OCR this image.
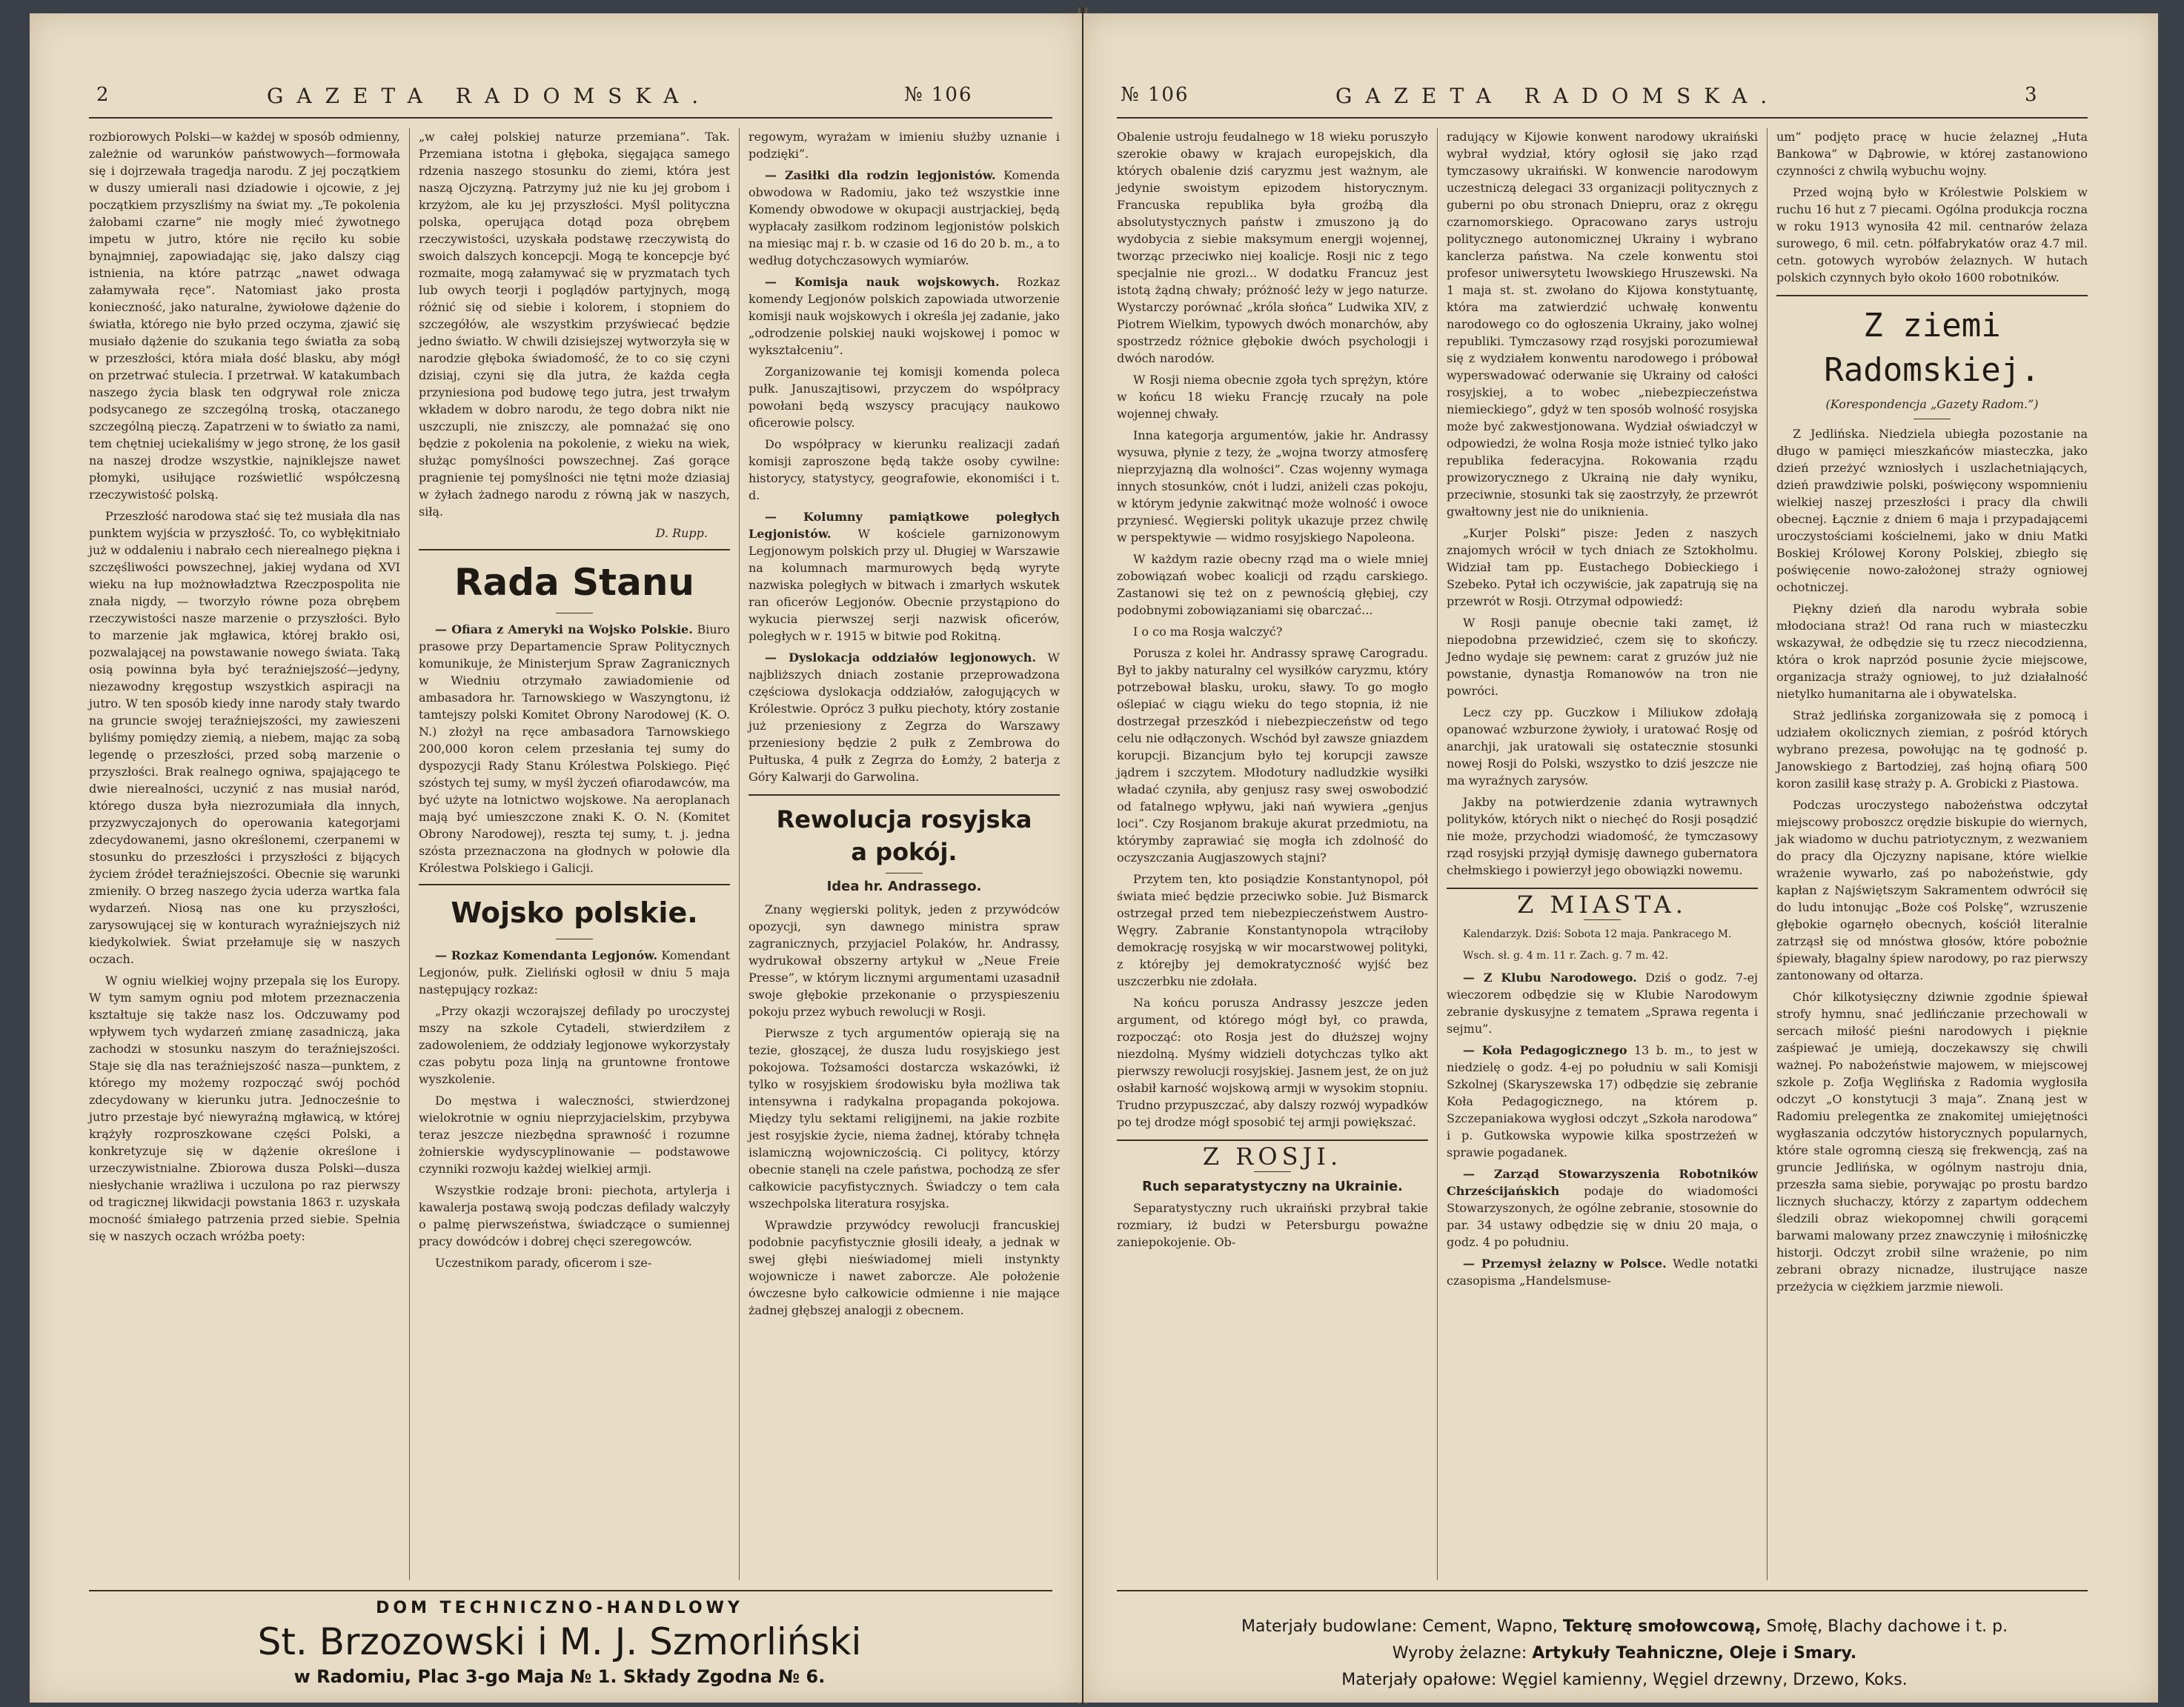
2	GAZETA RADOMSKA.	№ 106

rozbiorowych Polski—w każdej w sposób odmienny, zależnie od warunków państwowych—formowała się i dojrzewała tragedja narodu. Z jej początkiem w duszy umierali nasi dziadowie i ojcowie, z jej początkiem przyszliśmy na świat my. „Te pokolenia żałobami czarne” nie mogły mieć żywotnego impetu w jutro, które nie ręciło ku sobie bynajmniej, zapowiadając się, jako dalszy ciąg istnienia, na które patrząc „nawet odwaga załamywała ręce”. Natomiast jako prosta konieczność, jako naturalne, żywiołowe dążenie do światła, którego nie było przed oczyma, zjawić się musiało dążenie do szukania tego światła za sobą w przeszłości, która miała dość blasku, aby mógł on przetrwać stulecia. I przetrwał. W katakumbach naszego życia blask ten odgrywał role znicza podsycanego ze szczególną troską, otaczanego szczególną pieczą. Zapatrzeni w to światło za nami, tem chętniej uciekaliśmy w jego stronę, że los gasił na naszej drodze wszystkie, najniklejsze nawet płomyki, usiłujące rozświetlić współczesną rzeczywistość polską.

Przeszłość narodowa stać się też musiała dla nas punktem wyjścia w przyszłość. To, co wybłękitniało już w oddaleniu i nabrało cech nierealnego piękna i szczęśliwości powszechnej, jakiej wydana od XVI wieku na łup możnowładztwa Rzeczpospolita nie znała nigdy, — tworzyło równe poza obrębem rzeczywistości nasze marzenie o przyszłości. Było to marzenie jak mgławica, której brakło osi, pozwalającej na powstawanie nowego świata. Taką osią powinna była być teraźniejszość—jedyny, niezawodny kręgostup wszystkich aspiracji na jutro. W ten sposób kiedy inne narody stały twardo na gruncie swojej teraźniejszości, my zawieszeni byliśmy pomiędzy ziemią, a niebem, mając za sobą legendę o przeszłości, przed sobą marzenie o przyszłości. Brak realnego ogniwa, spajającego te dwie nierealności, uczynić z nas musiał naród, którego dusza była niezrozumiała dla innych, przyzwyczajonych do operowania kategorjami zdecydowanemi, jasno określonemi, czerpanemi w stosunku do przeszłości i przyszłości z bijących życiem źródeł teraźniejszości. Obecnie się warunki zmieniły. O brzeg naszego życia uderza wartka fala wydarzeń. Niosą nas one ku przyszłości, zarysowującej się w konturach wyraźniejszych niż kiedykolwiek. Świat przełamuje się w naszych oczach.

W ogniu wielkiej wojny przepala się los Europy. W tym samym ogniu pod młotem przeznaczenia kształtuje się także nasz los. Odczuwamy pod wpływem tych wydarzeń zmianę zasadniczą, jaka zachodzi w stosunku naszym do teraźniejszości. Staje się dla nas teraźniejszość nasza—punktem, z którego my możemy rozpocząć swój pochód zdecydowany w kierunku jutra. Jednocześnie to jutro przestaje być niewyraźną mgławicą, w której krążyły rozproszkowane części Polski, a konkretyzuje się w dążenie określone i urzeczywistnialne. Zbiorowa dusza Polski—dusza niesłychanie wrażliwa i uczulona po raz pierwszy od tragicznej likwidacji powstania 1863 r. uzyskała mocność śmiałego patrzenia przed siebie. Spełnia się w naszych oczach wróżba poety:

„w całej polskiej naturze przemiana”. Tak. Przemiana istotna i głęboka, sięgająca samego rdzenia naszego stosunku do ziemi, która jest naszą Ojczyzną. Patrzymy już nie ku jej grobom i krzyżom, ale ku jej przyszłości. Myśl polityczna polska, operująca dotąd poza obrębem rzeczywistości, uzyskała podstawę rzeczywistą do swoich dalszych koncepcji. Mogą te koncepcje być rozmaite, mogą załamywać się w pryzmatach tych lub owych teorji i poglądów partyjnych, mogą różnić się od siebie i kolorem, i stopniem do szczegółów, ale wszystkim przyświecać będzie jedno światło. W chwili dzisiejszej wytworzyła się w narodzie głęboka świadomość, że to co się czyni dzisiaj, czyni się dla jutra, że każda cegła przyniesiona pod budowę tego jutra, jest trwałym wkładem w dobro narodu, że tego dobra nikt nie uszczupli, nie zniszczy, ale pomnażać się ono będzie z pokolenia na pokolenie, z wieku na wiek, służąc pomyślności powszechnej. Zaś gorące pragnienie tej pomyślności nie tętni może dziasiaj w żyłach żadnego narodu z równą jak w naszych, siłą.

D. Rupp.
Rada Stanu

— Ofiara z Ameryki na Wojsko Polskie. Biuro prasowe przy Departamencie Spraw Politycznych komunikuje, że Ministerjum Spraw Zagranicznych w Wiedniu otrzymało zawiadomienie od ambasadora hr. Tarnowskiego w Waszyngtonu, iż tamtejszy polski Komitet Obrony Narodowej (K. O. N.) złożył na ręce ambasadora Tarnowskiego 200,000 koron celem przesłania tej sumy do dyspozycji Rady Stanu Królestwa Polskiego. Pięć szóstych tej sumy, w myśl życzeń ofiarodawców, ma być użyte na lotnictwo wojskowe. Na aeroplanach mają być umieszczone znaki K. O. N. (Komitet Obrony Narodowej), reszta tej sumy, t. j. jedna szósta przeznaczona na głodnych w połowie dla Królestwa Polskiego i Galicji.

Wojsko polskie.

— Rozkaz Komendanta Legjonów. Komendant Legjonów, pułk. Zieliński ogłosił w dniu 5 maja następujący rozkaz:

„Przy okazji wczorajszej defilady po uroczystej mszy na szkole Cytadeli, stwierdziłem z zadowoleniem, że oddziały legjonowe wykorzystały czas pobytu poza linją na gruntowne frontowe wyszkolenie.

Do męstwa i waleczności, stwierdzonej wielokrotnie w ogniu nieprzyjacielskim, przybywa teraz jeszcze niezbędna sprawność i rozumne żołnierskie wydyscyplinowanie — podstawowe czynniki rozwoju każdej wielkiej armji.

Wszystkie rodzaje broni: piechota, artylerja i kawalerja postawą swoją podczas defilady walczyły o palmę pierwszeństwa, świadczące o sumiennej pracy dowódców i dobrej chęci szeregowców.

Uczestnikom parady, oficerom i sze-

regowym, wyrażam w imieniu służby uznanie i podzięki”.

— Zasiłki dla rodzin legjonistów. Komenda obwodowa w Radomiu, jako też wszystkie inne Komendy obwodowe w okupacji austrjackiej, będą wypłacały zasiłkom rodzinom legjonistów polskich na miesiąc maj r. b. w czasie od 16 do 20 b. m., a to według dotychczasowych wymiarów.

— Komisja nauk wojskowych. Rozkaz komendy Legjonów polskich zapowiada utworzenie komisji nauk wojskowych i określa jej zadanie, jako „odrodzenie polskiej nauki wojskowej i pomoc w wykształceniu”.

Zorganizowanie tej komisji komenda poleca pułk. Januszajtisowi, przyczem do współpracy powołani będą wszyscy pracujący naukowo oficerowie polscy.

Do współpracy w kierunku realizacji zadań komisji zaproszone będą także osoby cywilne: historycy, statystycy, geografowie, ekonomiści i t. d.

— Kolumny pamiątkowe poległych Legjonistów. W kościele garnizonowym Legjonowym polskich przy ul. Długiej w Warszawie na kolumnach marmurowych będą wyryte nazwiska poległych w bitwach i zmarłych wskutek ran oficerów Legjonów. Obecnie przystąpiono do wykucia pierwszej serji nazwisk oficerów, poległych w r. 1915 w bitwie pod Rokitną.

— Dyslokacja oddziałów legjonowych. W najbliższych dniach zostanie przeprowadzona częściowa dyslokacja oddziałów, załogujących w Królestwie. Oprócz 3 pułku piechoty, który zostanie już przeniesiony z Zegrza do Warszawy przeniesiony będzie 2 pułk z Zembrowa do Pułtuska, 4 pułk z Zegrza do Łomży, 2 baterja z Góry Kalwarji do Garwolina.

Rewolucja rosyjska
a pokój.
Idea hr. Andrassego.

Znany węgierski polityk, jeden z przywódców opozycji, syn dawnego ministra spraw zagranicznych, przyjaciel Polaków, hr. Andrassy, wydrukował obszerny artykuł w „Neue Freie Presse”, w którym licznymi argumentami uzasadnił swoje głębokie przekonanie o przyspieszeniu pokoju przez wybuch rewolucji w Rosji.

Pierwsze z tych argumentów opierają się na tezie, głoszącej, że dusza ludu rosyjskiego jest pokojowa. Tożsamości dostarcza wskazówki, iż tylko w rosyjskiem środowisku była możliwa tak intensywna i radykalna propaganda pokojowa. Między tylu sektami religijnemi, na jakie rozbite jest rosyjskie życie, niema żadnej, któraby tchnęła islamiczną wojowniczością. Ci politycy, którzy obecnie stanęli na czele państwa, pochodzą ze sfer całkowicie pacyfistycznych. Świadczy o tem cała wszechpolska literatura rosyjska.

Wprawdzie przywódcy rewolucji francuskiej podobnie pacyfistycznie głosili ideały, a jednak w swej głębi nieświadomej mieli instynkty wojownicze i nawet zaborcze. Ale położenie ówczesne było całkowicie odmienne i nie mające żadnej głębszej analogji z obecnem.

DOM TECHNICZNO-HANDLOWY
St. Brzozowski i M. J. Szmorliński
w Radomiu, Plac 3-go Maja № 1. Składy Zgodna № 6.
№ 106	GAZETA RADOMSKA.	3

Obalenie ustroju feudalnego w 18 wieku poruszyło szerokie obawy w krajach europejskich, dla których obalenie dziś caryzmu jest ważnym, ale jedynie swoistym epizodem historycznym. Francuska republika była groźbą dla absolutystycznych państw i zmuszono ją do wydobycia z siebie maksymum energji wojennej, tworząc przeciwko niej koalicje. Rosji nic z tego specjalnie nie grozi... W dodatku Francuz jest istotą żądną chwały; próżność leży w jego naturze. Wystarczy porównać „króla słońca” Ludwika XIV, z Piotrem Wielkim, typowych dwóch monarchów, aby spostrzedz różnice głębokie dwóch psychologji i dwóch narodów.

W Rosji niema obecnie zgoła tych sprężyn, które w końcu 18 wieku Francję rzucały na pole wojennej chwały.

Inna kategorja argumentów, jakie hr. Andrassy wysuwa, płynie z tezy, że „wojna tworzy atmosferę nieprzyjazną dla wolności”. Czas wojenny wymaga innych stosunków, cnót i ludzi, aniżeli czas pokoju, w którym jedynie zakwitnąć może wolność i owoce przyniesć. Węgierski polityk ukazuje przez chwilę w perspektywie — widmo rosyjskiego Napoleona.

W każdym razie obecny rząd ma o wiele mniej zobowiązań wobec koalicji od rządu carskiego. Zastanowi się też on z pewnością głębiej, czy podobnymi zobowiązaniami się obarczać...

I o co ma Rosja walczyć?

Porusza z kolei hr. Andrassy sprawę Carogradu. Był to jakby naturalny cel wysiłków caryzmu, który potrzebował blasku, uroku, sławy. To go mogło oślepiać w ciągu wieku do tego stopnia, iż nie dostrzegał przeszkód i niebezpieczeństw od tego celu nie odłączonych. Wschód był zawsze gniazdem korupcji. Bizancjum było tej korupcji zawsze jądrem i szczytem. Młodotury nadludzkie wysiłki władać czyniła, aby genjusz rasy swej oswobodzić od fatalnego wpływu, jaki nań wywiera „genjus loci”. Czy Rosjanom brakuje akurat przedmiotu, na którymby zaprawiać się mogła ich zdolność do oczyszczania Augjaszowych stajni?

Przytem ten, kto posiądzie Konstantynopol, pół świata mieć będzie przeciwko sobie. Już Bismarck ostrzegał przed tem niebezpieczeństwem Austro-Węgry. Zabranie Konstantynopola wtrąciłoby demokrację rosyjską w wir mocarstwowej polityki, z którejby jej demokratyczność wyjść bez uszczerbku nie zdołała.

Na końcu porusza Andrassy jeszcze jeden argument, od którego mógł był, co prawda, rozpocząć: oto Rosja jest do dłuższej wojny niezdolną. Myśmy widzieli dotychczas tylko akt pierwszy rewolucji rosyjskiej. Jasnem jest, że on już osłabił karność wojskową armji w wysokim stopniu. Trudno przypuszczać, aby dalszy rozwój wypadków po tej drodze mógł sposobić tej armji powiększać.

Z ROSJI.
Ruch separatystyczny na Ukrainie.

Separatystyczny ruch ukraiński przybrał takie rozmiary, iż budzi w Petersburgu poważne zaniepokojenie. Ob-

radujący w Kijowie konwent narodowy ukraiński wybrał wydział, który ogłosił się jako rząd tymczasowy ukraiński. W konwencie narodowym uczestniczą delegaci 33 organizacji politycznych z guberni po obu stronach Dniepru, oraz z okręgu czarnomorskiego. Opracowano zarys ustroju politycznego autonomicznej Ukrainy i wybrano kanclerza państwa. Na czele konwentu stoi profesor uniwersytetu lwowskiego Hruszewski. Na 1 maja st. st. zwołano do Kijowa konstytuantę, która ma zatwierdzić uchwałę konwentu narodowego co do ogłoszenia Ukrainy, jako wolnej republiki. Tymczasowy rząd rosyjski porozumiewał się z wydziałem konwentu narodowego i próbował wyperswadować oderwanie się Ukrainy od całości rosyjskiej, a to wobec „niebezpieczeństwa niemieckiego”, gdyż w ten sposób wolność rosyjska może być zakwestjonowana. Wydział oświadczył w odpowiedzi, że wolna Rosja może istnieć tylko jako republika federacyjna. Rokowania rządu prowizorycznego z Ukrainą nie dały wyniku, przeciwnie, stosunki tak się zaostrzyły, że przewrót gwałtowny jest nie do uniknienia.

„Kurjer Polski” pisze: Jeden z naszych znajomych wrócił w tych dniach ze Sztokholmu. Widział tam pp. Eustachego Dobieckiego i Szebeko. Pytał ich oczywiście, jak zapatrują się na przewrót w Rosji. Otrzymał odpowiedź:

W Rosji panuje obecnie taki zamęt, iż niepodobna przewidzieć, czem się to skończy. Jedno wydaje się pewnem: carat z gruzów już nie powstanie, dynastja Romanowów na tron nie powróci.

Lecz czy pp. Guczkow i Miliukow zdołają opanować wzburzone żywioły, i uratować Rosję od anarchji, jak uratowali się ostatecznie stosunki nowej Rosji do Polski, wszystko to dziś jeszcze nie ma wyraźnych zarysów.

Jakby na potwierdzenie zdania wytrawnych polityków, których nikt o niechęć do Rosji posądzić nie może, przychodzi wiadomość, że tymczasowy rząd rosyjski przyjął dymisję dawnego gubernatora chełmskiego i powierzył jego obowiązki nowemu.

Z MIASTA.

Kalendarzyk. Dziś: Sobota 12 maja. Pankracego M.

Wsch. sł. g. 4 m. 11 r. Zach. g. 7 m. 42.

— Z Klubu Narodowego. Dziś o godz. 7-ej wieczorem odbędzie się w Klubie Narodowym zebranie dyskusyjne z tematem „Sprawa regenta i sejmu”.

— Koła Pedagogicznego 13 b. m., to jest w niedzielę o godz. 4-ej po południu w sali Komisji Szkolnej (Skaryszewska 17) odbędzie się zebranie Koła Pedagogicznego, na którem p. Szczepaniakowa wygłosi odczyt „Szkoła narodowa” i p. Gutkowska wypowie kilka spostrzeżeń w sprawie pogadanek.

— Zarząd Stowarzyszenia Robotników Chrześcijańskich podaje do wiadomości Stowarzyszonych, że ogólne zebranie, stosownie do par. 34 ustawy odbędzie się w dniu 20 maja, o godz. 4 po południu.

— Przemysł żelazny w Polsce. Wedle notatki czasopisma „Handelsmuse-

um” podjęto pracę w hucie żelaznej „Huta Bankowa” w Dąbrowie, w której zastanowiono czynności z chwilą wybuchu wojny.

Przed wojną było w Królestwie Polskiem w ruchu 16 hut z 7 piecami. Ogólna produkcja roczna w roku 1913 wynosiła 42 mil. centnarów żelaza surowego, 6 mil. cetn. półfabrykatów oraz 4.7 mil. cetn. gotowych wyrobów żelaznych. W hutach polskich czynnych było około 1600 robotników.

Z ziemi Radomskiej.
(Korespondencja „Gazety Radom.”)

Z Jedlińska. Niedziela ubiegła pozostanie na długo w pamięci mieszkańców miasteczka, jako dzień przeżyć wzniosłych i uszlachetniających, dzień prawdziwie polski, poświęcony wspomnieniu wielkiej naszej przeszłości i pracy dla chwili obecnej. Łącznie z dniem 6 maja i przypadającemi uroczystościami kościelnemi, jako w dniu Matki Boskiej Królowej Korony Polskiej, zbiegło się poświęcenie nowo-założonej straży ogniowej ochotniczej.

Piękny dzień dla narodu wybrała sobie młodociana straż! Od rana ruch w miasteczku wskazywał, że odbędzie się tu rzecz niecodzienna, która o krok naprzód posunie życie miejscowe, organizacja straży ogniowej, to już działalność nietylko humanitarna ale i obywatelska.

Straż jedlińska zorganizowała się z pomocą i udziałem okolicznych ziemian, z pośród których wybrano prezesa, powołując na tę godność p. Janowskiego z Bartodziej, zaś hojną ofiarą 500 koron zasilił kasę straży p. A. Grobicki z Piastowa.

Podczas uroczystego nabożeństwa odczytał miejscowy proboszcz orędzie biskupie do wiernych, jak wiadomo w duchu patriotycznym, z wezwaniem do pracy dla Ojczyzny napisane, które wielkie wrażenie wywarło, zaś po nabożeństwie, gdy kapłan z Najświętszym Sakramentem odwrócił się do ludu intonując „Boże coś Polskę”, wzruszenie głębokie ogarnęło obecnych, kościół literalnie zatrząsł się od mnóstwa głosów, które pobożnie śpiewały, błagalny śpiew narodowy, po raz pierwszy zantonowany od ołtarza.

Chór kilkotysięczny dziwnie zgodnie śpiewał strofy hymnu, snać jedlińczanie przechowali w sercach miłość pieśni narodowych i pięknie zaśpiewać je umieją, doczekawszy się chwili ważnej. Po nabożeństwie majowem, w miejscowej szkole p. Zofja Węglińska z Radomia wygłosiła odczyt „O konstytucji 3 maja”. Znaną jest w Radomiu prelegentka ze znakomitej umiejętności wygłaszania odczytów historycznych popularnych, które stale ogromną cieszą się frekwencją, zaś na gruncie Jedlińska, w ogólnym nastroju dnia, przeszła sama siebie, porywając po prostu bardzo licznych słuchaczy, którzy z zapartym oddechem śledzili obraz wiekopomnej chwili gorącemi barwami malowany przez znawczynię i miłośniczkę historji. Odczyt zrobił silne wrażenie, po nim zebrani obrazy nicnadze, ilustrujące nasze przeżycia w ciężkiem jarzmie niewoli.

Materjały budowlane: Cement, Wapno, Tekturę smołowcową, Smołę, Blachy dachowe i t. p.
Wyroby żelazne: Artykuły Teahniczne, Oleje i Smary.
Materjały opałowe: Węgiel kamienny, Węgiel drzewny, Drzewo, Koks.
